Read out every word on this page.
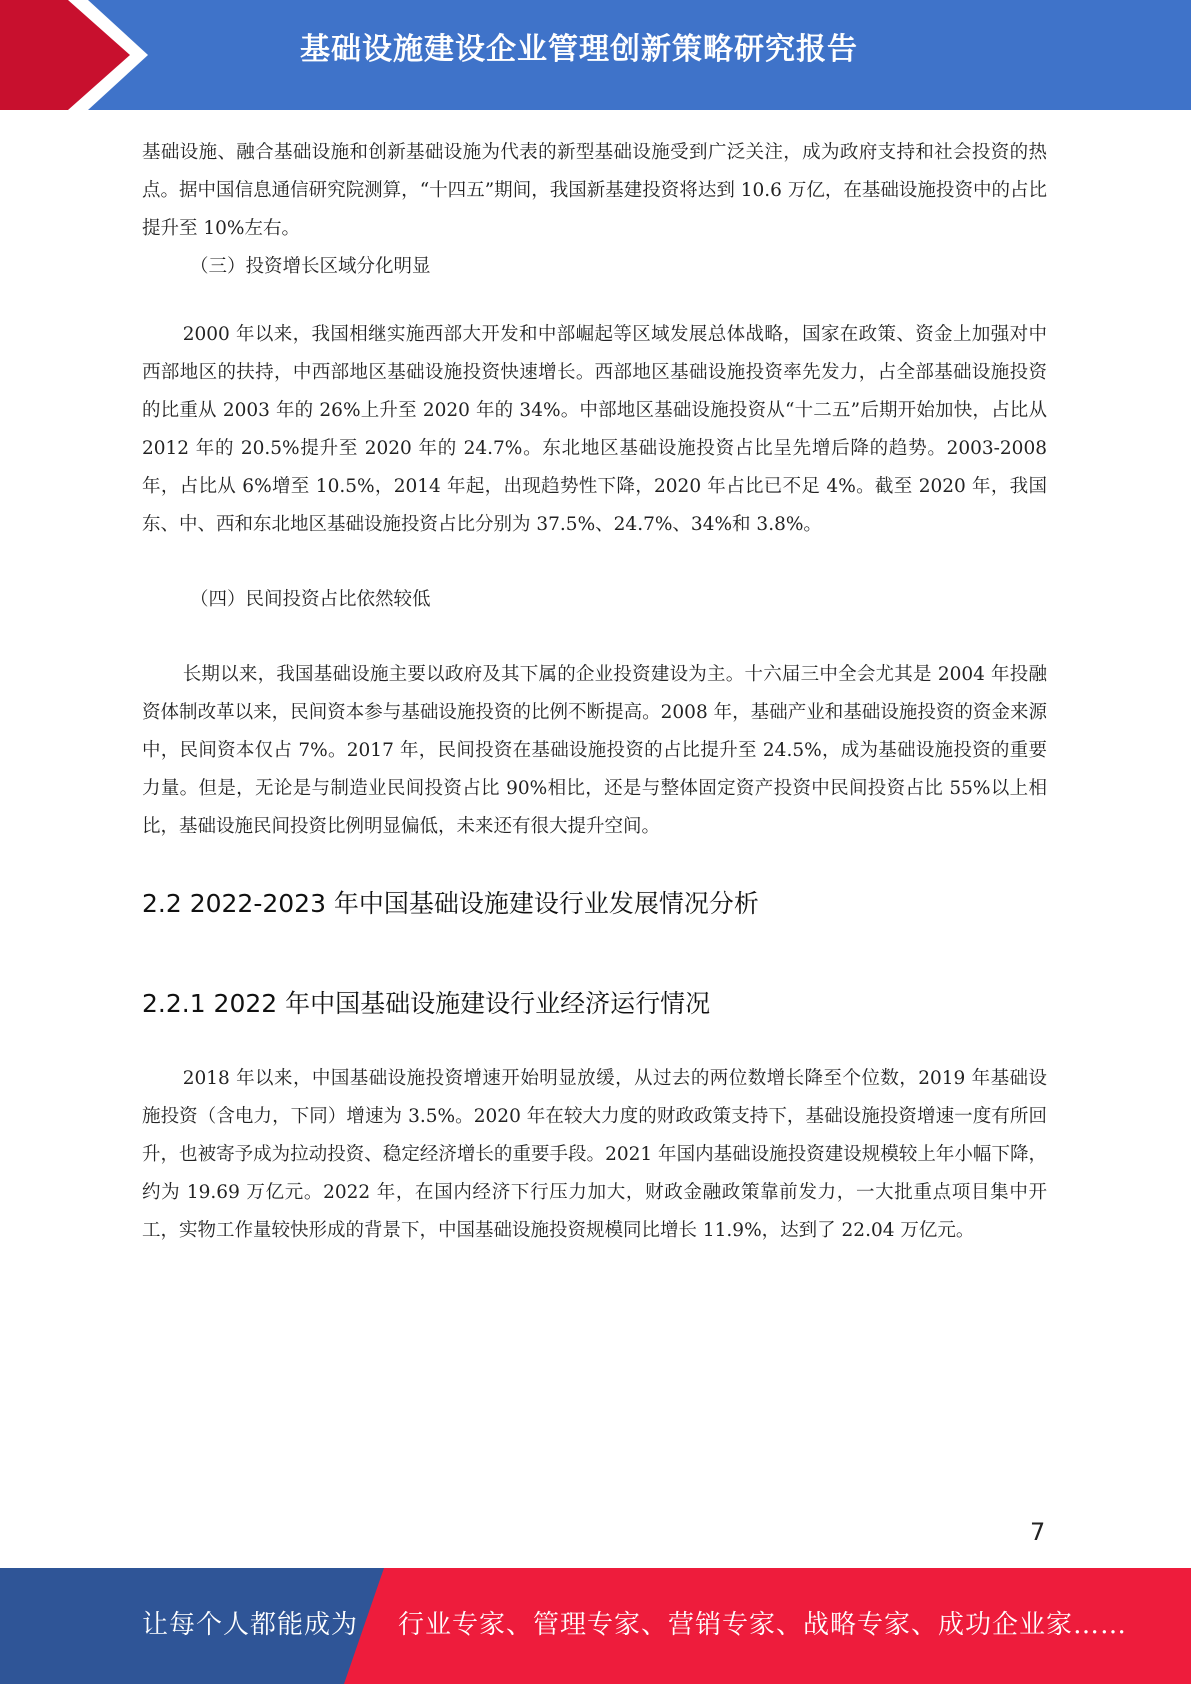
基础设施建设企业管理创新策略研究报告

基础设施、融合基础设施和创新基础设施为代表的新型基础设施受到广泛关注，成为政府支持和社会投资的热点。据中国信息通信研究院测算，“十四五”期间，我国新基建投资将达到 10.6 万亿，在基础设施投资中的占比提升至 10%左右。

（三）投资增长区域分化明显

2000 年以来，我国相继实施西部大开发和中部崛起等区域发展总体战略，国家在政策、资金上加强对中西部地区的扶持，中西部地区基础设施投资快速增长。西部地区基础设施投资率先发力，占全部基础设施投资的比重从 2003 年的 26%上升至 2020 年的 34%。中部地区基础设施投资从“十二五”后期开始加快，占比从 2012 年的 20.5%提升至 2020 年的 24.7%。东北地区基础设施投资占比呈先增后降的趋势。2003-2008 年，占比从 6%增至 10.5%，2014 年起，出现趋势性下降，2020 年占比已不足 4%。截至 2020 年，我国东、中、西和东北地区基础设施投资占比分别为 37.5%、24.7%、34%和 3.8%。

（四）民间投资占比依然较低

长期以来，我国基础设施主要以政府及其下属的企业投资建设为主。十六届三中全会尤其是 2004 年投融资体制改革以来，民间资本参与基础设施投资的比例不断提高。2008 年，基础产业和基础设施投资的资金来源中，民间资本仅占 7%。2017 年，民间投资在基础设施投资的占比提升至 24.5%，成为基础设施投资的重要力量。但是，无论是与制造业民间投资占比 90%相比，还是与整体固定资产投资中民间投资占比 55%以上相比，基础设施民间投资比例明显偏低，未来还有很大提升空间。

2.2 2022-2023 年中国基础设施建设行业发展情况分析
2.2.1 2022 年中国基础设施建设行业经济运行情况

2018 年以来，中国基础设施投资增速开始明显放缓，从过去的两位数增长降至个位数，2019 年基础设施投资（含电力，下同）增速为 3.5%。2020 年在较大力度的财政政策支持下，基础设施投资增速一度有所回升，也被寄予成为拉动投资、稳定经济增长的重要手段。2021 年国内基础设施投资建设规模较上年小幅下降，约为 19.69 万亿元。2022 年，在国内经济下行压力加大，财政金融政策靠前发力，一大批重点项目集中开工，实物工作量较快形成的背景下，中国基础设施投资规模同比增长 11.9%，达到了 22.04 万亿元。

7
让每个人都能成为 行业专家、管理专家、营销专家、战略专家、成功企业家……
